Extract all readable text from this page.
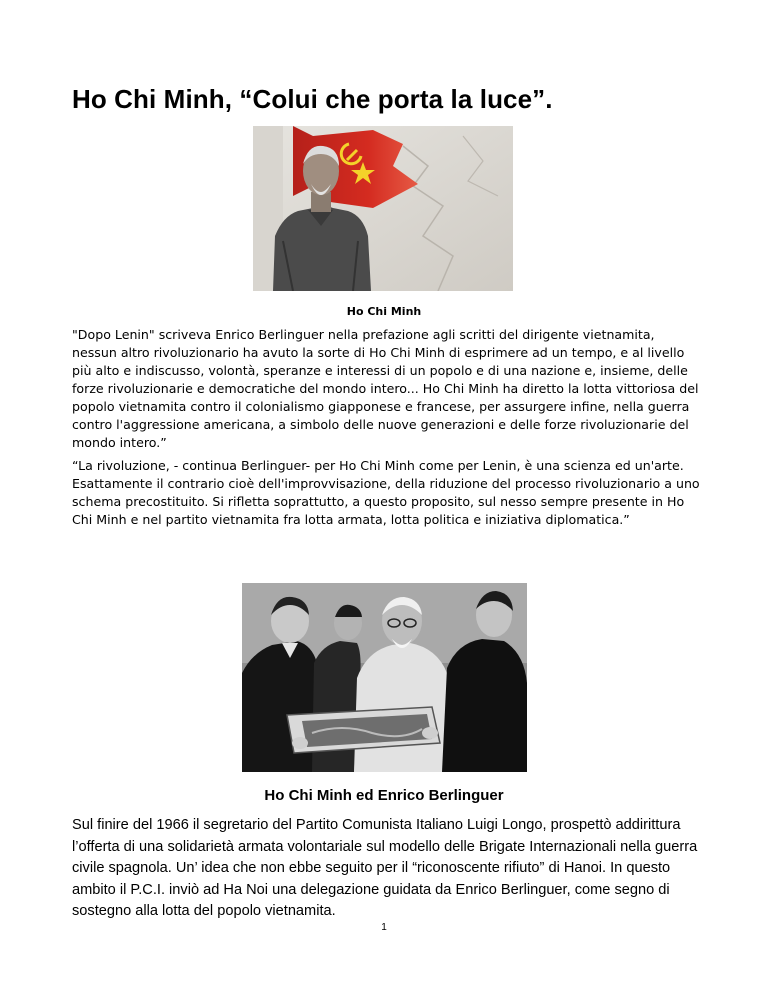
Ho Chi Minh, “Colui che porta la luce”.
Ho Chi Minh

"Dopo Lenin" scriveva Enrico Berlinguer nella prefazione agli scritti del dirigente vietnamita, nessun altro rivoluzionario ha avuto la sorte di Ho Chi Minh di esprimere ad un tempo, e al livello più alto e indiscusso, volontà, speranze e interessi di un popolo e di una nazione e, insieme, delle forze rivoluzionarie e democratiche del mondo intero... Ho Chi Minh ha diretto la lotta vittoriosa del popolo vietnamita contro il colonialismo giapponese e francese, per assurgere infine, nella guerra contro l'aggressione americana, a simbolo delle nuove generazioni e delle forze rivoluzionarie del mondo intero.”

“La rivoluzione, - continua Berlinguer- per Ho Chi Minh come per Lenin, è una scienza ed un'arte. Esattamente il contrario cioè dell'improvvisazione, della riduzione del processo rivoluzionario a uno schema precostituito. Si rifletta soprattutto, a questo proposito, sul nesso sempre presente in Ho Chi Minh e nel partito vietnamita fra lotta armata, lotta politica e iniziativa diplomatica.”

Ho Chi Minh ed Enrico Berlinguer

Sul finire del 1966 il segretario del Partito Comunista Italiano Luigi Longo, prospettò addirittura l’offerta di una solidarietà armata volontariale sul modello delle Brigate Internazionali nella guerra civile spagnola. Un’ idea che non ebbe seguito per il “riconoscente rifiuto” di Hanoi. In questo ambito il P.C.I. inviò ad Ha Noi una delegazione guidata da Enrico Berlinguer, come segno di sostegno alla lotta del popolo vietnamita.

1
